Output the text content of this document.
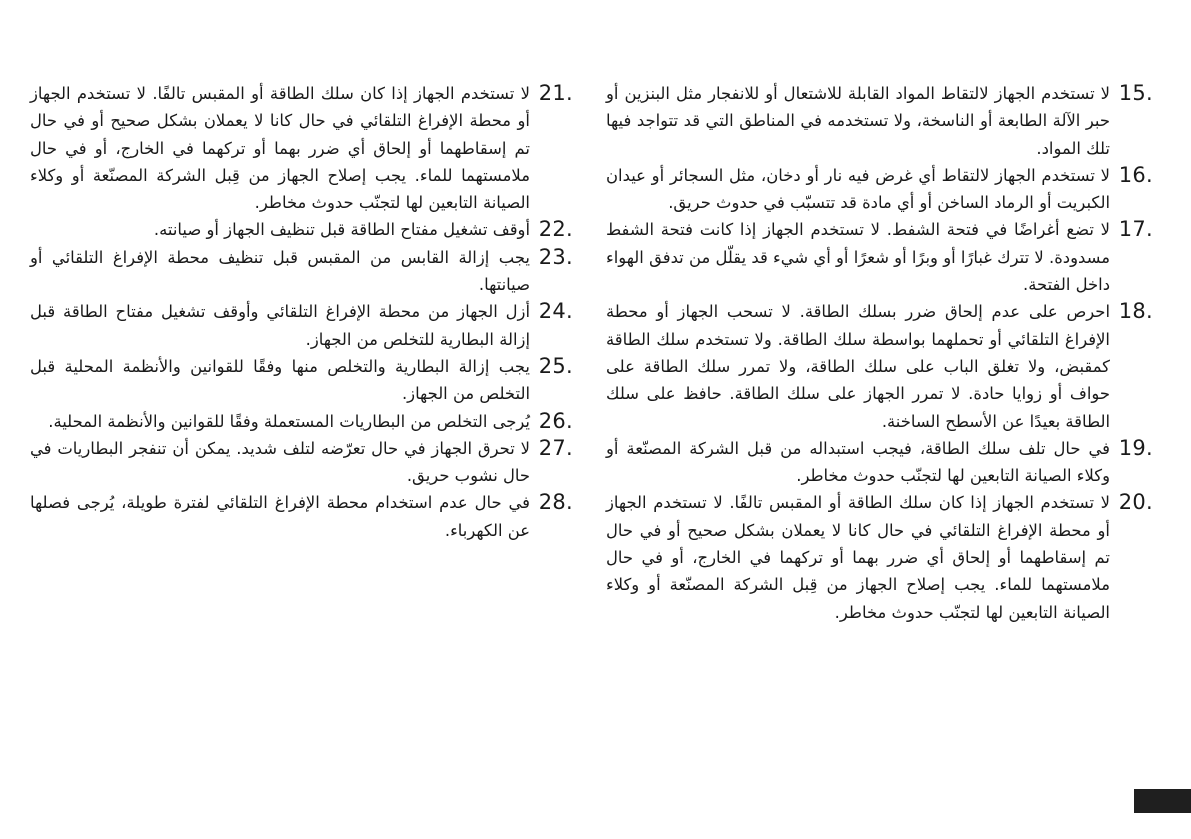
15.
لا تستخدم الجهاز لالتقاط المواد القابلة للاشتعال أو للانفجار مثل البنزين أو حبر الآلة الطابعة أو الناسخة، ولا تستخدمه في المناطق التي قد تتواجد فيها تلك المواد.
16.
لا تستخدم الجهاز لالتقاط أي غرض فيه نار أو دخان، مثل السجائر أو عيدان الكبريت أو الرماد الساخن أو أي مادة قد تتسبّب في حدوث حريق.
17.
لا تضع أغراضًا في فتحة الشفط. لا تستخدم الجهاز إذا كانت فتحة الشفط مسدودة. لا تترك غبارًا أو وبرًا أو شعرًا أو أي شيء قد يقلّل من تدفق الهواء داخل الفتحة.
18.
احرص على عدم إلحاق ضرر بسلك الطاقة. لا تسحب الجهاز أو محطة الإفراغ التلقائي أو تحملهما بواسطة سلك الطاقة. ولا تستخدم سلك الطاقة كمقبض، ولا تغلق الباب على سلك الطاقة، ولا تمرر سلك الطاقة على حواف أو زوايا حادة. لا تمرر الجهاز على سلك الطاقة. حافظ على سلك الطاقة بعيدًا عن الأسطح الساخنة.
19.
في حال تلف سلك الطاقة، فيجب استبداله من قبل الشركة المصنّعة أو وكلاء الصيانة التابعين لها لتجنّب حدوث مخاطر.
20.
لا تستخدم الجهاز إذا كان سلك الطاقة أو المقبس تالفًا. لا تستخدم الجهاز أو محطة الإفراغ التلقائي في حال كانا لا يعملان بشكل صحيح أو في حال تم إسقاطهما أو إلحاق أي ضرر بهما أو تركهما في الخارج، أو في حال ملامستهما للماء. يجب إصلاح الجهاز من قِبل الشركة المصنّعة أو وكلاء الصيانة التابعين لها لتجنّب حدوث مخاطر.
21.
لا تستخدم الجهاز إذا كان سلك الطاقة أو المقبس تالفًا. لا تستخدم الجهاز أو محطة الإفراغ التلقائي في حال كانا لا يعملان بشكل صحيح أو في حال تم إسقاطهما أو إلحاق أي ضرر بهما أو تركهما في الخارج، أو في حال ملامستهما للماء. يجب إصلاح الجهاز من قِبل الشركة المصنّعة أو وكلاء الصيانة التابعين لها لتجنّب حدوث مخاطر.
22.
أوقف تشغيل مفتاح الطاقة قبل تنظيف الجهاز أو صيانته.
23.
يجب إزالة القابس من المقبس قبل تنظيف محطة الإفراغ التلقائي أو صيانتها.
24.
أزل الجهاز من محطة الإفراغ التلقائي وأوقف تشغيل مفتاح الطاقة قبل إزالة البطارية للتخلص من الجهاز.
25.
يجب إزالة البطارية والتخلص منها وفقًا للقوانين والأنظمة المحلية قبل التخلص من الجهاز.
26.
يُرجى التخلص من البطاريات المستعملة وفقًا للقوانين والأنظمة المحلية.
27.
لا تحرق الجهاز في حال تعرّضه لتلف شديد. يمكن أن تنفجر البطاريات في حال نشوب حريق.
28.
في حال عدم استخدام محطة الإفراغ التلقائي لفترة طويلة، يُرجى فصلها عن الكهرباء.
